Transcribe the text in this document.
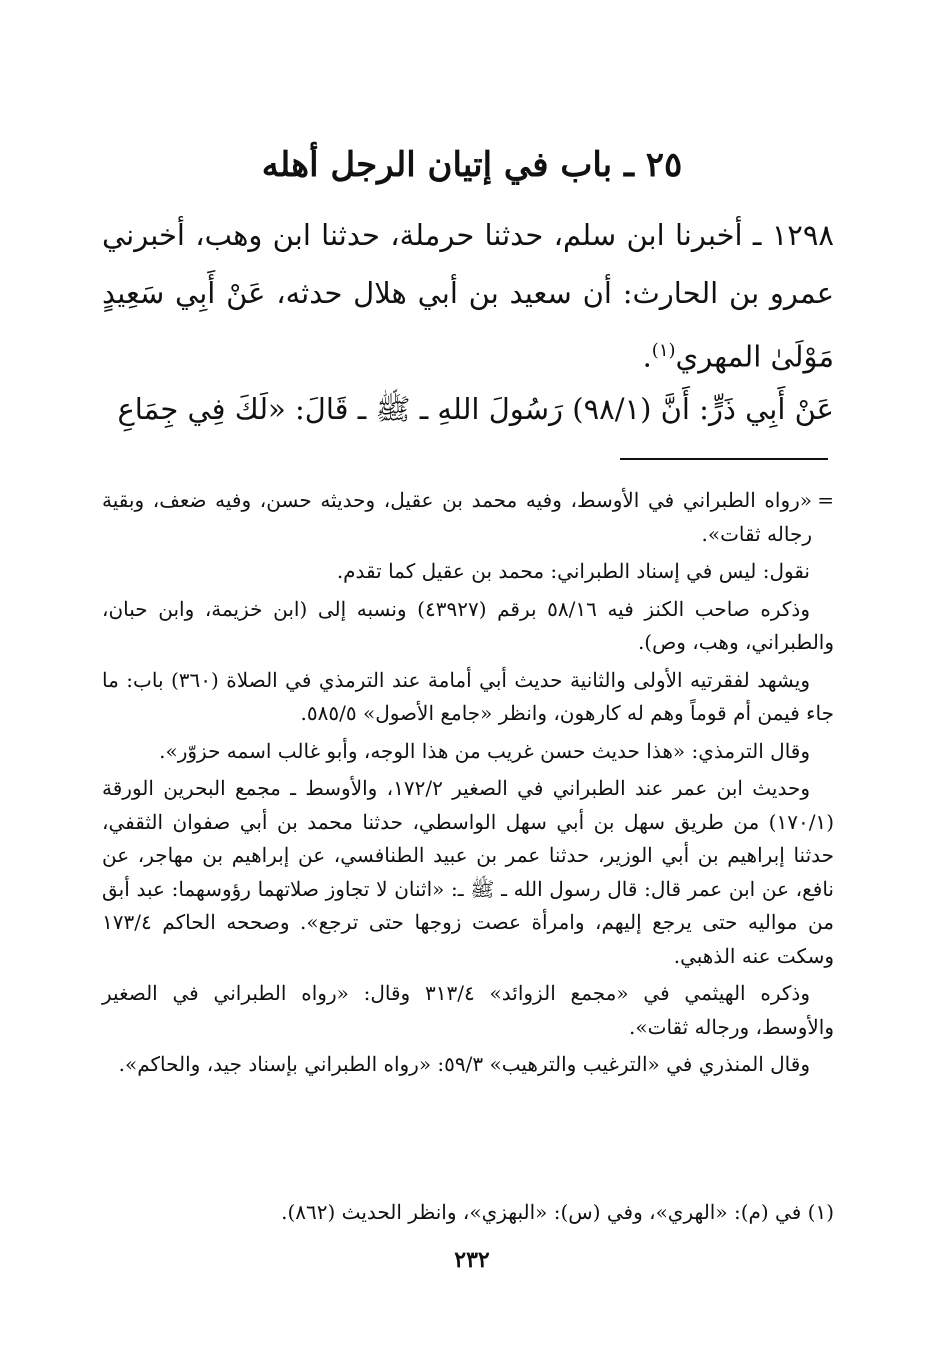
٢٥ ـ باب في إتيان الرجل أهله

١٢٩٨ ـ أخبرنا ابن سلم، حدثنا حرملة، حدثنا ابن وهب، أخبرني عمرو بن الحارث: أن سعيد بن أبي هلال حدثه، عَنْ أَبِي سَعِيدٍ مَوْلَىٰ المهري$^{(١)}$.

عَنْ أَبِي ذَرٍّ: أَنَّ (٩٨/١) رَسُولَ اللهِ ـ ﷺ ـ قَالَ: «لَكَ فِي جِمَاعِ

=
«رواه الطبراني في الأوسط، وفيه محمد بن عقيل، وحديثه حسن، وفيه ضعف، وبقية رجاله ثقات».

نقول: ليس في إسناد الطبراني: محمد بن عقيل كما تقدم.

وذكره صاحب الكنز فيه ٥٨/١٦ برقم (٤٣٩٢٧) ونسبه إلى (ابن خزيمة، وابن حبان، والطبراني، وهب، وص).

ويشهد لفقرتيه الأولى والثانية حديث أبي أمامة عند الترمذي في الصلاة (٣٦٠) باب: ما جاء فيمن أم قوماً وهم له كارهون، وانظر «جامع الأصول» ٥٨٥/٥.

وقال الترمذي: «هذا حديث حسن غريب من هذا الوجه، وأبو غالب اسمه حزوّر».

وحديث ابن عمر عند الطبراني في الصغير ١٧٢/٢، والأوسط ـ مجمع البحرين الورقة (١٧٠/١) من طريق سهل بن أبي سهل الواسطي، حدثنا محمد بن أبي صفوان الثقفي، حدثنا إبراهيم بن أبي الوزير، حدثنا عمر بن عبيد الطنافسي، عن إبراهيم بن مهاجر، عن نافع، عن ابن عمر قال: قال رسول الله ـ ﷺ ـ: «اثنان لا تجاوز صلاتهما رؤوسهما: عبد أبق من مواليه حتى يرجع إليهم، وامرأة عصت زوجها حتى ترجع». وصححه الحاكم ١٧٣/٤ وسكت عنه الذهبي.

وذكره الهيثمي في «مجمع الزوائد» ٣١٣/٤ وقال: «رواه الطبراني في الصغير والأوسط، ورجاله ثقات».

وقال المنذري في «الترغيب والترهيب» ٥٩/٣: «رواه الطبراني بإسناد جيد، والحاكم».

(١) في (م): «الهري»، وفي (س): «البهزي»، وانظر الحديث (٨٦٢).
٢٣٢
